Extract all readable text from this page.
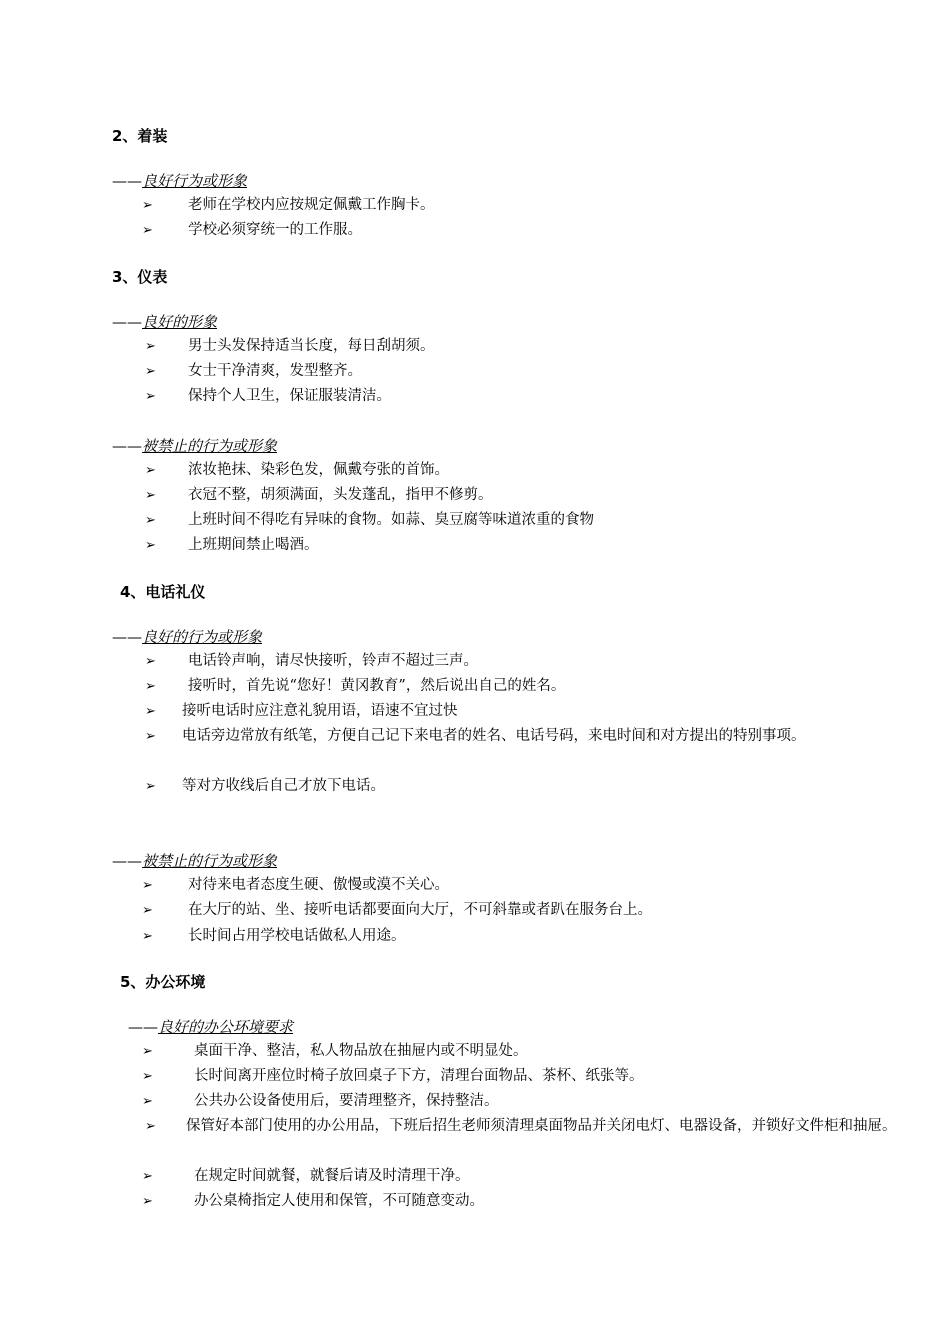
2、着装
——良好行为或形象
➢ 老师在学校内应按规定佩戴工作胸卡。
➢ 学校必须穿统一的工作服。
3、仪表
——良好的形象
➢ 男士头发保持适当长度，每日刮胡须。
➢ 女士干净清爽，发型整齐。
➢ 保持个人卫生，保证服装清洁。
——被禁止的行为或形象
➢ 浓妆艳抹、染彩色发，佩戴夸张的首饰。
➢ 衣冠不整，胡须满面，头发蓬乱，指甲不修剪。
➢ 上班时间不得吃有异味的食物。如蒜、臭豆腐等味道浓重的食物
➢ 上班期间禁止喝酒。
4、电话礼仪
——良好的行为或形象
➢ 电话铃声响，请尽快接听，铃声不超过三声。
➢ 接听时，首先说“您好！黄冈教育”，然后说出自己的姓名。
➢ 接听电话时应注意礼貌用语，语速不宜过快
➢ 电话旁边常放有纸笔，方便自己记下来电者的姓名、电话号码，来电时间和对方提出的特别事项。
➢ 等对方收线后自己才放下电话。
——被禁止的行为或形象
➢ 对待来电者态度生硬、傲慢或漠不关心。
➢ 在大厅的站、坐、接听电话都要面向大厅，不可斜靠或者趴在服务台上。
➢ 长时间占用学校电话做私人用途。
5、办公环境
——良好的办公环境要求
➢	桌面干净、整洁，私人物品放在抽屉内或不明显处。
➢	长时间离开座位时椅子放回桌子下方，清理台面物品、茶杯、纸张等。
➢	公共办公设备使用后，要清理整齐，保持整洁。
➢ 保管好本部门使用的办公用品，下班后招生老师须清理桌面物品并关闭电灯、电器设备，并锁好文件柜和抽屉。
➢	在规定时间就餐，就餐后请及时清理干净。
➢	办公桌椅指定人使用和保管，不可随意变动。
